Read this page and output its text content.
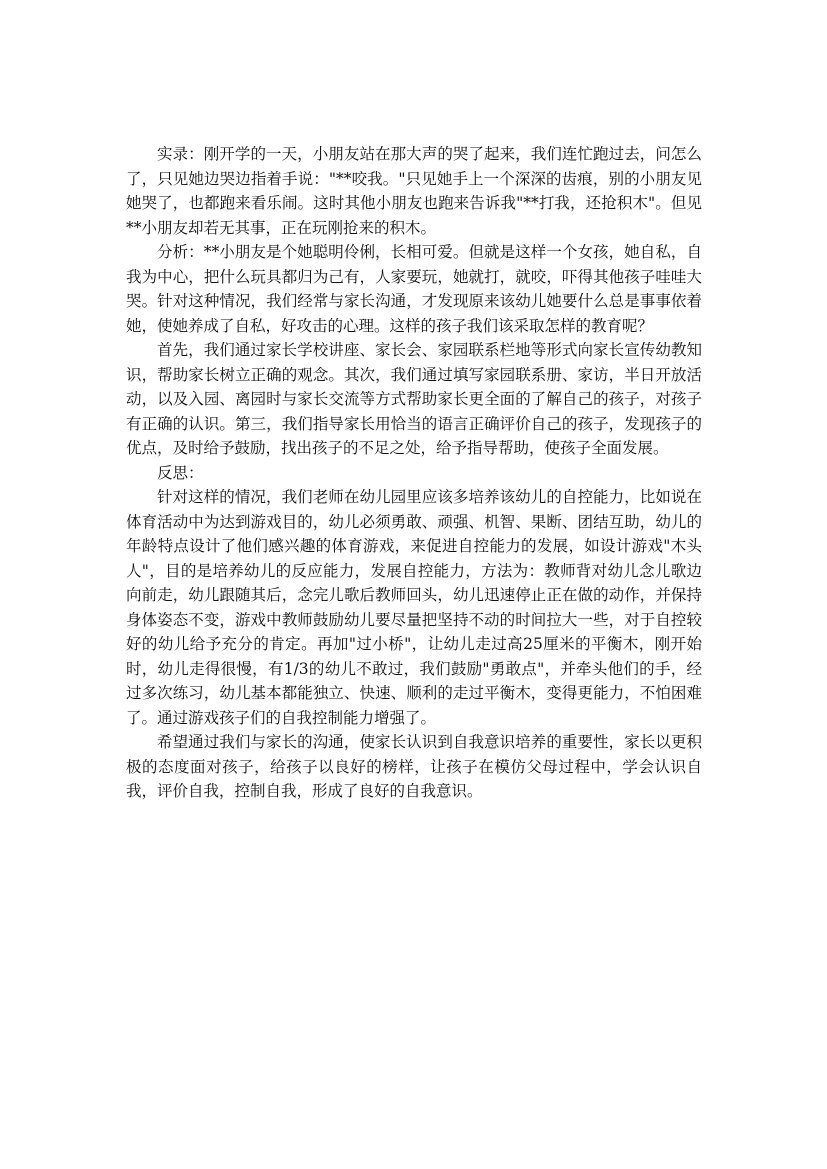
实录：刚开学的一天，小朋友站在那大声的哭了起来，我们连忙跑过去，问怎么了，只见她边哭边指着手说："**咬我。"只见她手上一个深深的齿痕，别的小朋友见她哭了，也都跑来看乐闹。这时其他小朋友也跑来告诉我"**打我，还抢积木"。但见**小朋友却若无其事，正在玩刚抢来的积木。

分析：**小朋友是个她聪明伶俐，长相可爱。但就是这样一个女孩，她自私，自我为中心，把什么玩具都归为己有，人家要玩，她就打，就咬，吓得其他孩子哇哇大哭。针对这种情况，我们经常与家长沟通，才发现原来该幼儿她要什么总是事事依着她，使她养成了自私，好攻击的心理。这样的孩子我们该采取怎样的教育呢？

首先，我们通过家长学校讲座、家长会、家园联系栏地等形式向家长宣传幼教知识，帮助家长树立正确的观念。其次，我们通过填写家园联系册、家访，半日开放活动，以及入园、离园时与家长交流等方式帮助家长更全面的了解自己的孩子，对孩子有正确的认识。第三，我们指导家长用恰当的语言正确评价自己的孩子，发现孩子的优点，及时给予鼓励，找出孩子的不足之处，给予指导帮助，使孩子全面发展。

反思：

针对这样的情况，我们老师在幼儿园里应该多培养该幼儿的自控能力，比如说在体育活动中为达到游戏目的，幼儿必须勇敢、顽强、机智、果断、团结互助，幼儿的年龄特点设计了他们感兴趣的体育游戏，来促进自控能力的发展，如设计游戏"木头人"，目的是培养幼儿的反应能力，发展自控能力，方法为：教师背对幼儿念儿歌边向前走，幼儿跟随其后，念完儿歌后教师回头，幼儿迅速停止正在做的动作，并保持身体姿态不变，游戏中教师鼓励幼儿要尽量把坚持不动的时间拉大一些，对于自控较好的幼儿给予充分的肯定。再加"过小桥"，让幼儿走过高25厘米的平衡木，刚开始时，幼儿走得很慢，有1/3的幼儿不敢过，我们鼓励"勇敢点"，并牵头他们的手，经过多次练习，幼儿基本都能独立、快速、顺利的走过平衡木，变得更能力，不怕困难了。通过游戏孩子们的自我控制能力增强了。

希望通过我们与家长的沟通，使家长认识到自我意识培养的重要性，家长以更积极的态度面对孩子，给孩子以良好的榜样，让孩子在模仿父母过程中，学会认识自我，评价自我，控制自我，形成了良好的自我意识。
